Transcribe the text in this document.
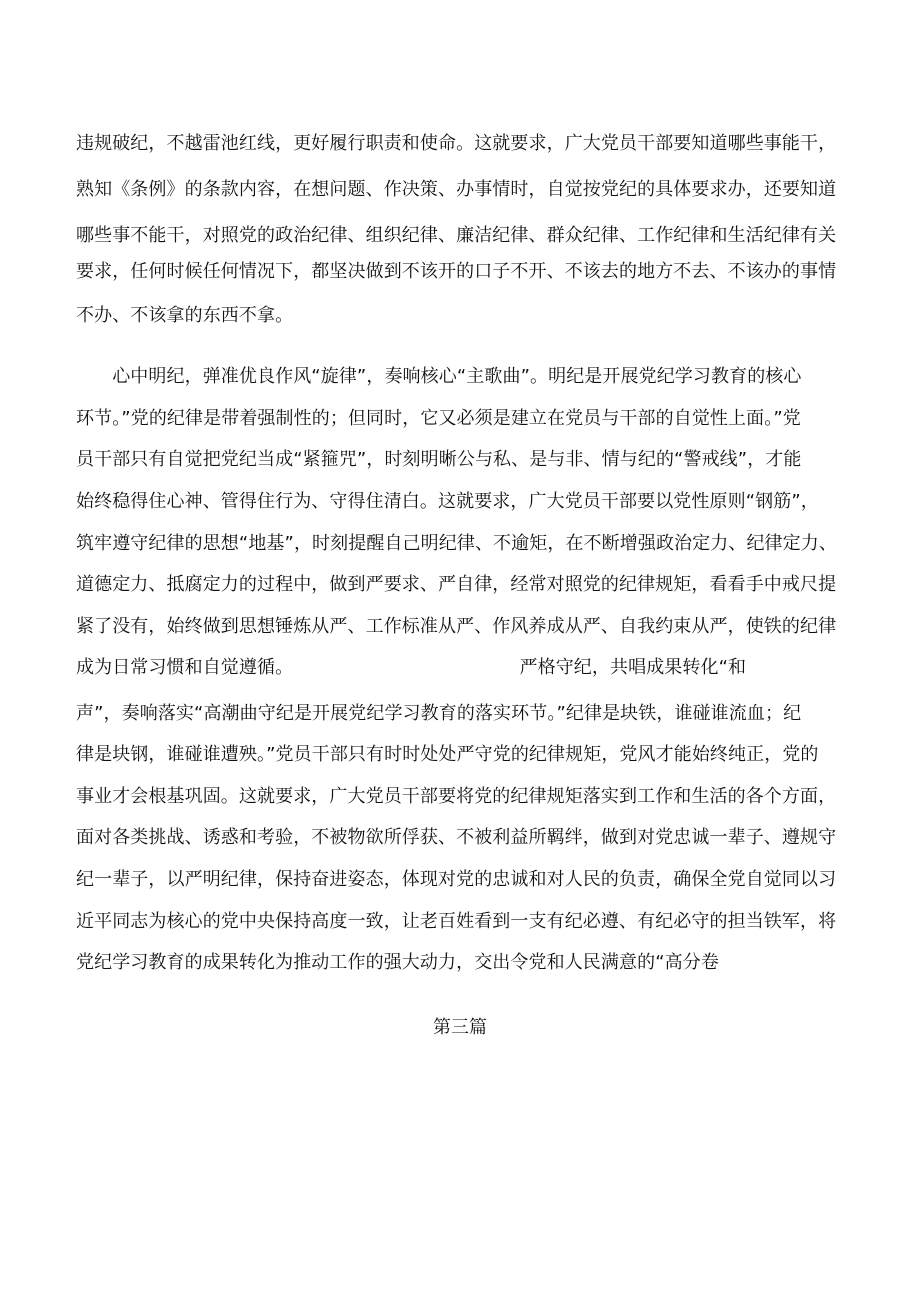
违规破纪，不越雷池红线，更好履行职责和使命。这就要求，广大党员干部要知道哪些事能干，
熟知《条例》的条款内容，在想问题、作决策、办事情时，自觉按党纪的具体要求办，还要知道
哪些事不能干，对照党的政治纪律、组织纪律、廉洁纪律、群众纪律、工作纪律和生活纪律有关
要求，任何时候任何情况下，都坚决做到不该开的口子不开、不该去的地方不去、不该办的事情
不办、不该拿的东西不拿。
　　心中明纪，弹准优良作风“旋律”，奏响核心“主歌曲”。明纪是开展党纪学习教育的核心
环节。”党的纪律是带着强制性的；但同时，它又必须是建立在党员与干部的自觉性上面。”党
员干部只有自觉把党纪当成“紧箍咒”，时刻明晰公与私、是与非、情与纪的“警戒线”，才能
始终稳得住心神、管得住行为、守得住清白。这就要求，广大党员干部要以党性原则“钢筋”，
筑牢遵守纪律的思想“地基”，时刻提醒自己明纪律、不逾矩，在不断增强政治定力、纪律定力、
道德定力、抵腐定力的过程中，做到严要求、严自律，经常对照党的纪律规矩，看看手中戒尺提
紧了没有，始终做到思想锤炼从严、工作标准从严、作风养成从严、自我约束从严，使铁的纪律
成为日常习惯和自觉遵循。　　　　　　　　　　　　　严格守纪，共唱成果转化“和
声”，奏响落实“高潮曲守纪是开展党纪学习教育的落实环节。”纪律是块铁，谁碰谁流血；纪
律是块钢，谁碰谁遭殃。”党员干部只有时时处处严守党的纪律规矩，党风才能始终纯正，党的
事业才会根基巩固。这就要求，广大党员干部要将党的纪律规矩落实到工作和生活的各个方面，
面对各类挑战、诱惑和考验，不被物欲所俘获、不被利益所羁绊，做到对党忠诚一辈子、遵规守
纪一辈子，以严明纪律，保持奋进姿态，体现对党的忠诚和对人民的负责，确保全党自觉同以习
近平同志为核心的党中央保持高度一致，让老百姓看到一支有纪必遵、有纪必守的担当铁军，将
党纪学习教育的成果转化为推动工作的强大动力，交出令党和人民满意的“高分卷
第三篇
